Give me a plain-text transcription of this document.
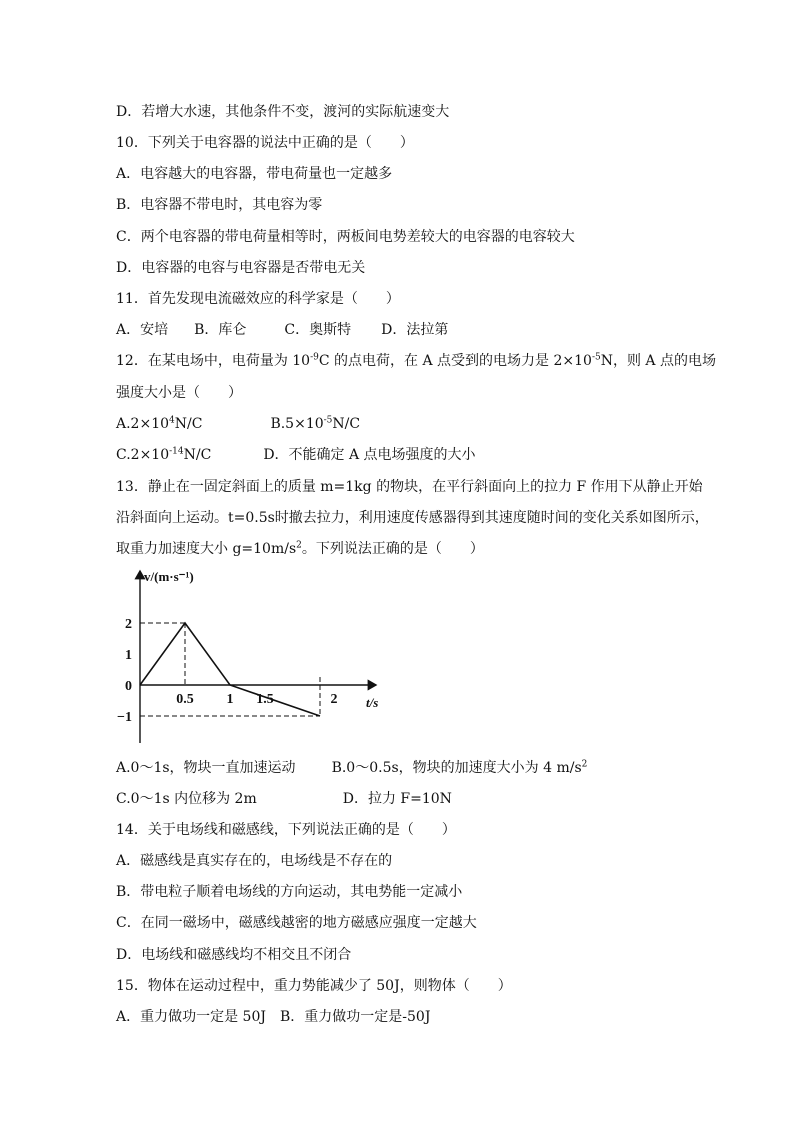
D．若增大水速，其他条件不变，渡河的实际航速变大
10．下列关于电容器的说法中正确的是（　　）
A．电容越大的电容器，带电荷量也一定越多
B．电容器不带电时，其电容为零
C．两个电容器的带电荷量相等时，两板间电势差较大的电容器的电容较大
D．电容器的电容与电容器是否带电无关
11．首先发现电流磁效应的科学家是（　　）
A．安培 B．库仑	C．奥斯特 D．法拉第
12．在某电场中，电荷量为 $10^{-9}C$ 的点电荷，在 A 点受到的电场力是 $2\times 10^{-5}N$，则 A 点的电场
强度大小是（　　）
$A.2\times 10^4N/C$	$B.5\times 10^{-5}N/C$
$C.2\times 10^{-14}N/C$	D．不能确定 A 点电场强度的大小
13．静止在一固定斜面上的质量 m=1kg 的物块，在平行斜面向上的拉力 F 作用下从静止开始
沿斜面向上运动。t=0.5s时撤去拉力，利用速度传感器得到其速度随时间的变化关系如图所示，
取重力加速度大小 $g=10m/s^2$。下列说法正确的是（　　）
0.5 1 1.5	2
2
1
0
−1
v/(m·s⁻¹)
t/s
A.0～1s，物块一直加速运动	B.0～0.5s，物块的加速度大小为 4 $m/s^2$
C.0～1s 内位移为 2m	D．拉力 F=10N
14．关于电场线和磁感线，下列说法正确的是（　　）
A．磁感线是真实存在的，电场线是不存在的
B．带电粒子顺着电场线的方向运动，其电势能一定减小
C．在同一磁场中，磁感线越密的地方磁感应强度一定越大
D．电场线和磁感线均不相交且不闭合
15．物体在运动过程中，重力势能减少了 50J，则物体（　　）
A．重力做功一定是 50J　B．重力做功一定是-50J
